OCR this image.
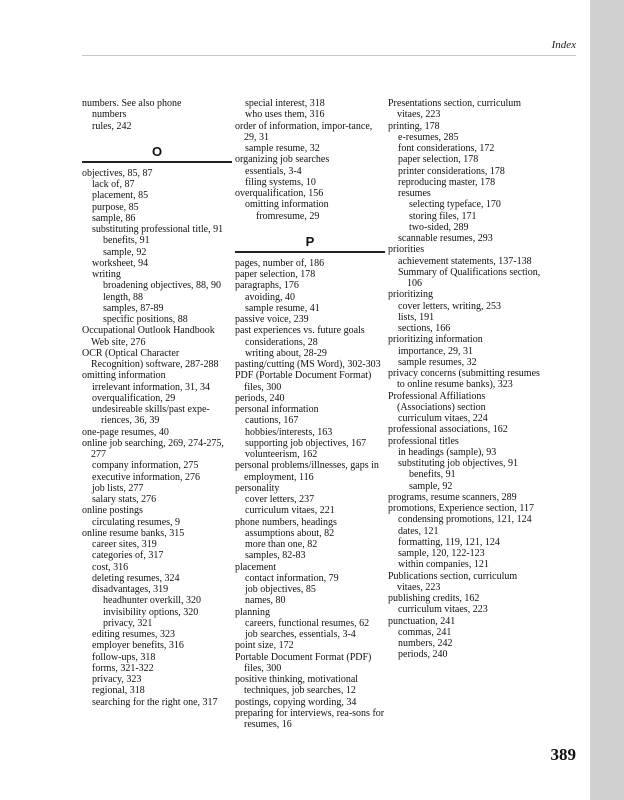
Index
numbers. See also phone
numbers
rules, 242
O
objectives, 85, 87
lack of, 87
placement, 85
purpose, 85
sample, 86
substituting professional title, 91
benefits, 91
sample, 92
worksheet, 94
writing
broadening objectives, 88, 90
length, 88
samples, 87-89
specific positions, 88
Occupational Outlook Handbook Web site, 276
OCR (Optical Character Recognition) software, 287-288
omitting information
irrelevant information, 31, 34
overqualification, 29
undesireable skills/past expe-riences, 36, 39
one-page resumes, 40
online job searching, 269, 274-275, 277
company information, 275
executive information, 276
job lists, 277
salary stats, 276
online postings
circulating resumes, 9
online resume banks, 315
career sites, 319
categories of, 317
cost, 316
deleting resumes, 324
disadvantages, 319
headhunter overkill, 320
invisibility options, 320
privacy, 321
editing resumes, 323
employer benefits, 316
follow-ups, 318
forms, 321-322
privacy, 323
regional, 318
searching for the right one, 317
special interest, 318
who uses them, 316
order of information, impor-tance, 29, 31
sample resume, 32
organizing job searches
essentials, 3-4
filing systems, 10
overqualification, 156
omitting information
fromresume, 29
P
pages, number of, 186
paper selection, 178
paragraphs, 176
avoiding, 40
sample resume, 41
passive voice, 239
past experiences vs. future goals
considerations, 28
writing about, 28-29
pasting/cutting (MS Word), 302-303
PDF (Portable Document Format) files, 300
periods, 240
personal information
cautions, 167
hobbies/interests, 163
supporting job objectives, 167
volunteerism, 162
personal problems/illnesses, gaps in employment, 116
personality
cover letters, 237
curriculum vitaes, 221
phone numbers, headings
assumptions about, 82
more than one, 82
samples, 82-83
placement
contact information, 79
job objectives, 85
names, 80
planning
careers, functional resumes, 62
job searches, essentials, 3-4
point size, 172
Portable Document Format (PDF) files, 300
positive thinking, motivational techniques, job searches, 12
postings, copying wording, 34
preparing for interviews, rea-sons for resumes, 16
Presentations section, curriculum vitaes, 223
printing, 178
e-resumes, 285
font considerations, 172
paper selection, 178
printer considerations, 178
reproducing master, 178
resumes
selecting typeface, 170
storing files, 171
two-sided, 289
scannable resumes, 293
priorities
achievement statements, 137-138
Summary of Qualifications section, 106
prioritizing
cover letters, writing, 253
lists, 191
sections, 166
prioritizing information
importance, 29, 31
sample resumes, 32
privacy concerns (submitting resumes to online resume banks), 323
Professional Affiliations (Associations) section
curriculum vitaes, 224
professional associations, 162
professional titles
in headings (sample), 93
substituting job objectives, 91
benefits, 91
sample, 92
programs, resume scanners, 289
promotions, Experience section, 117
condensing promotions, 121, 124
dates, 121
formatting, 119, 121, 124
sample, 120, 122-123
within companies, 121
Publications section, curriculum vitaes, 223
publishing credits, 162
curriculum vitaes, 223
punctuation, 241
commas, 241
numbers, 242
periods, 240
389
